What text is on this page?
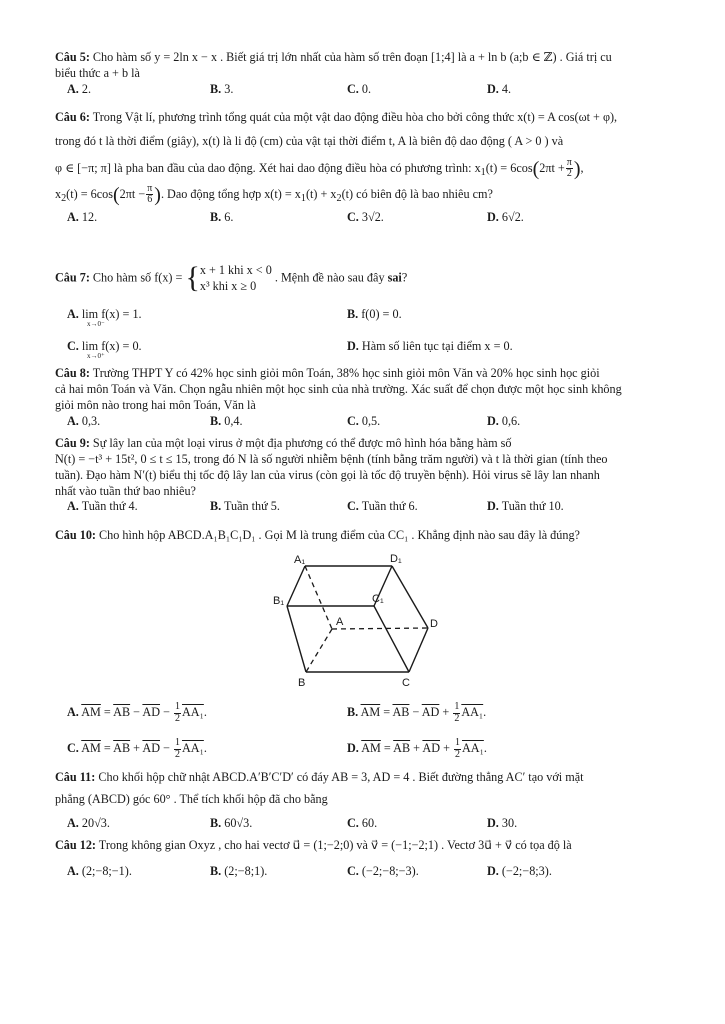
Câu 5: Cho hàm số y = 2ln x − x . Biết giá trị lớn nhất của hàm số trên đoạn [1;4] là a + ln b (a;b ∈ ℤ) . Giá trị cu
biểu thức a + b là
A. 2.	B. 3.	C. 0.	D. 4.
Câu 6: Trong Vật lí, phương trình tổng quát của một vật dao động điều hòa cho bởi công thức x(t) = A cos(ωt + φ),
trong đó t là thời điểm (giây), x(t) là li độ (cm) của vật tại thời điểm t, A là biên độ dao động ( A > 0 ) và
φ ∈ [−π; π] là pha ban đầu của dao động. Xét hai dao động điều hòa có phương trình: $x_1(t) = 6\cos(2\pi t + \frac{\pi}{2}$ ),
$x_2(t) = 6\cos(2\pi t - \frac{\pi}{6}$ ). Dao động tổng hợp $x(t) = x_1(t) + x_2(t)$ có biên độ là bao nhiêu cm?
A. 12.	B. 6.	C. 3√2.	D. 6√2.
Câu 7: Cho hàm số f(x) = { x + 1 khi x < 0
x³ khi x ≥ 0
. Mệnh đề nào sau đây sai?
A. lim f(x) = 1.
x→0⁻
B. f(0) = 0.
C. lim f(x) = 0.
x→0⁺
D. Hàm số liên tục tại điểm x = 0.
Câu 8: Trường THPT Y có 42% học sinh giỏi môn Toán, 38% học sinh giỏi môn Văn và 20% học sinh học giỏi
cả hai môn Toán và Văn. Chọn ngẫu nhiên một học sinh của nhà trường. Xác suất để chọn được một học sinh không
giỏi môn nào trong hai môn Toán, Văn là
A. 0,3.	B. 0,4.	C. 0,5.	D. 0,6.
Câu 9: Sự lây lan của một loại virus ở một địa phương có thể được mô hình hóa bằng hàm số
N(t) = −t³ + 15t², 0 ≤ t ≤ 15, trong đó N là số người nhiễm bệnh (tính bằng trăm người) và t là thời gian (tính theo
tuần). Đạo hàm N′(t) biểu thị tốc độ lây lan của virus (còn gọi là tốc độ truyền bệnh). Hỏi virus sẽ lây lan nhanh
nhất vào tuần thứ bao nhiêu?
A. Tuần thứ 4.	B. Tuần thứ 5.	C. Tuần thứ 6.	D. Tuần thứ 10.
Câu 10: Cho hình hộp ABCD.A₁B₁C₁D₁ . Gọi M là trung điểm của CC₁ . Khẳng định nào sau đây là đúng?
A₁	D₁
B₁	C₁
A	D
B	C
A. $\overline{AM} = \overline{AB} - \overline{AD} - \frac{1}{2} AA_1$.	B. $\overline{AM} = \overline{AB} - \overline{AD} + \frac{1}{2} AA_1$.
C. $\overline{AM} = \overline{AB} + \overline{AD} - \frac{1}{2} AA_1$.	D. $\overline{AM} = \overline{AB} + \overline{AD} + \frac{1}{2} AA_1$.
Câu 11: Cho khối hộp chữ nhật ABCD.A′B′C′D′ có đáy AB = 3, AD = 4 . Biết đường thẳng AC′ tạo với mặt
phẳng (ABCD) góc 60° . Thể tích khối hộp đã cho bằng
A. 20√3.	B. 60√3.	C. 60.	D. 30.
Câu 12: Trong không gian Oxyz , cho hai vectơ u⃗ = (1;−2;0) và v⃗ = (−1;−2;1) . Vectơ 3u⃗ + v⃗ có tọa độ là
A. (2;−8;−1).	B. (2;−8;1).	C. (−2;−8;−3).	D. (−2;−8;3).
